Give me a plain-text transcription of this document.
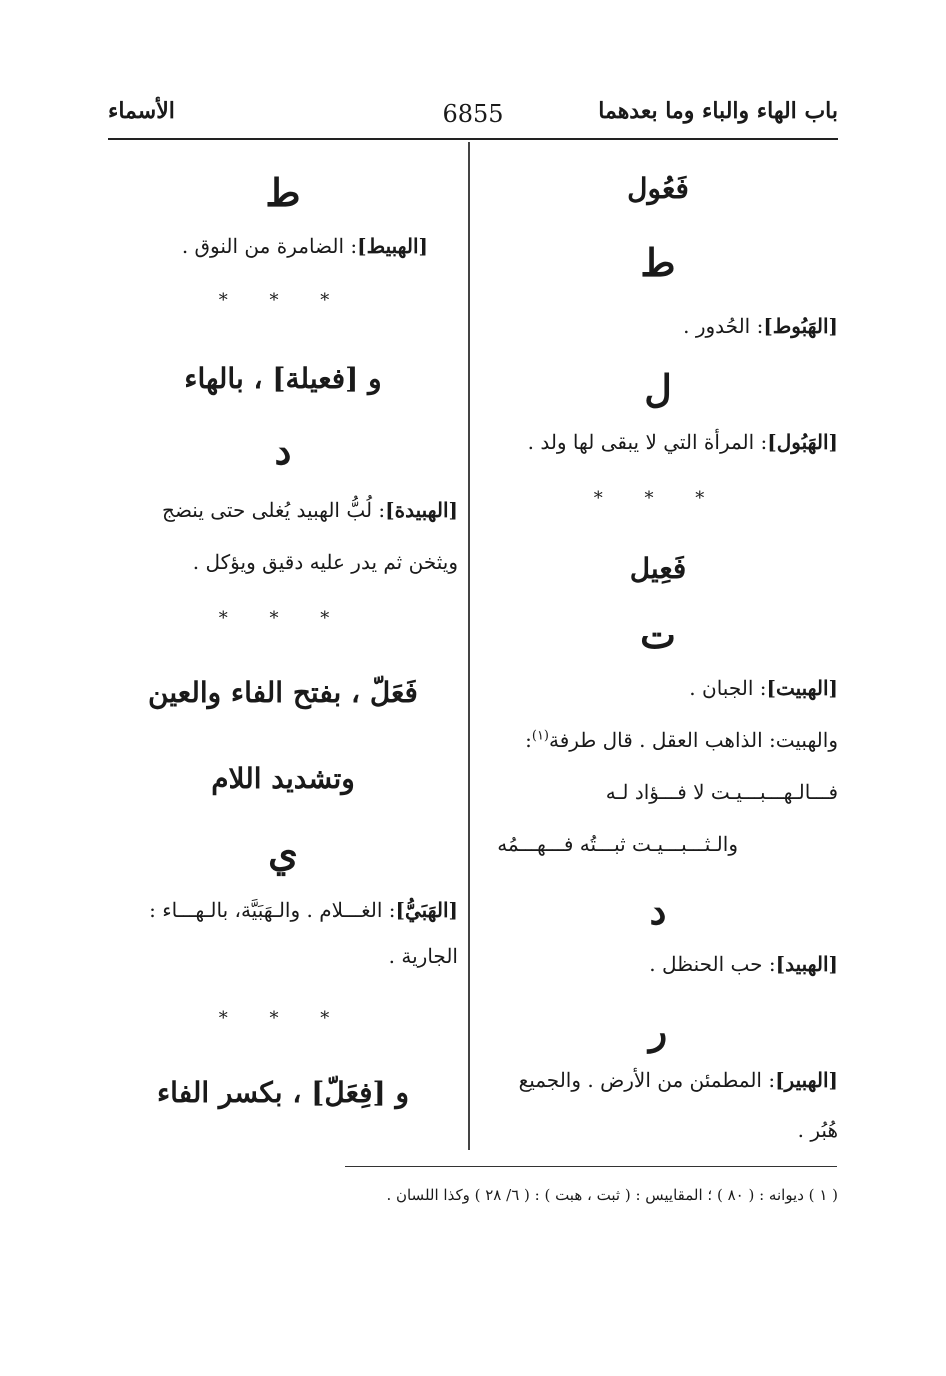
باب الهاء والباء وما بعدهما
6855
الأسماء
فَعُول
ط
[الهَبُوط]: الحُدور .
ل
[الهَبُول]: المرأة التي لا يبقى لها ولد .
* * *
فَعِيل
ت
[الهبيت]: الجبان .
والهبيت: الذاهب العقل . قال طرفة$^{(١)}$:
فـــالـهـــبـــيـت لا فـــؤاد لـه
والـثـــبـــيـت ثبـــتُه فـــهـــمُه
د
[الهبيد]: حب الحنظل .
ر
[الهبير]: المطمئن من الأرض . والجميع
هُبُر .
ط
[الهبيط]: الضامرة من النوق .
* * *
و [فعيلة] ، بالهاء
د
[الهبيدة]: لُبُّ الهبيد يُغلى حتى ينضج
ويثخن ثم يدر عليه دقيق ويؤكل .
* * *
فَعَلّ ، بفتح الفاء والعين
وتشديد اللام
ي
[الهَبَيُّ]: الغـــلام . والـهَبَيَّة، بالـهـــاء :
الجارية .
* * *
و [فِعَلّ] ، بكسر الفاء
( ١ ) ديوانه : ( ٨٠ ) ؛ المقاييس : ( ثبت ، هبت ) : ( ٦/ ٢٨ ) وكذا اللسان .
